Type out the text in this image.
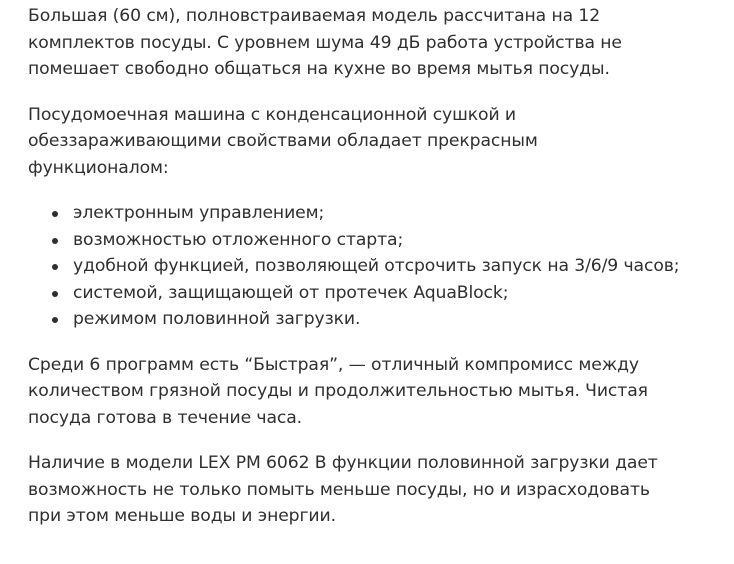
Большая (60 см), полновстраиваемая модель рассчитана на 12
комплектов посуды. С уровнем шума 49 дБ работа устройства не
помешает свободно общаться на кухне во время мытья посуды.

Посудомоечная машина с конденсационной сушкой и
обеззараживающими свойствами обладает прекрасным
функционалом:

электронным управлением;
возможностью отложенного старта;
удобной функцией, позволяющей отсрочить запуск на 3/6/9 часов;
системой, защищающей от протечек AquaBlock;
режимом половинной загрузки.

Среди 6 программ есть “Быстрая”, — отличный компромисс между
количеством грязной посуды и продолжительностью мытья. Чистая
посуда готова в течение часа.

Наличие в модели LEX PM 6062 B функции половинной загрузки дает
возможность не только помыть меньше посуды, но и израсходовать
при этом меньше воды и энергии.
